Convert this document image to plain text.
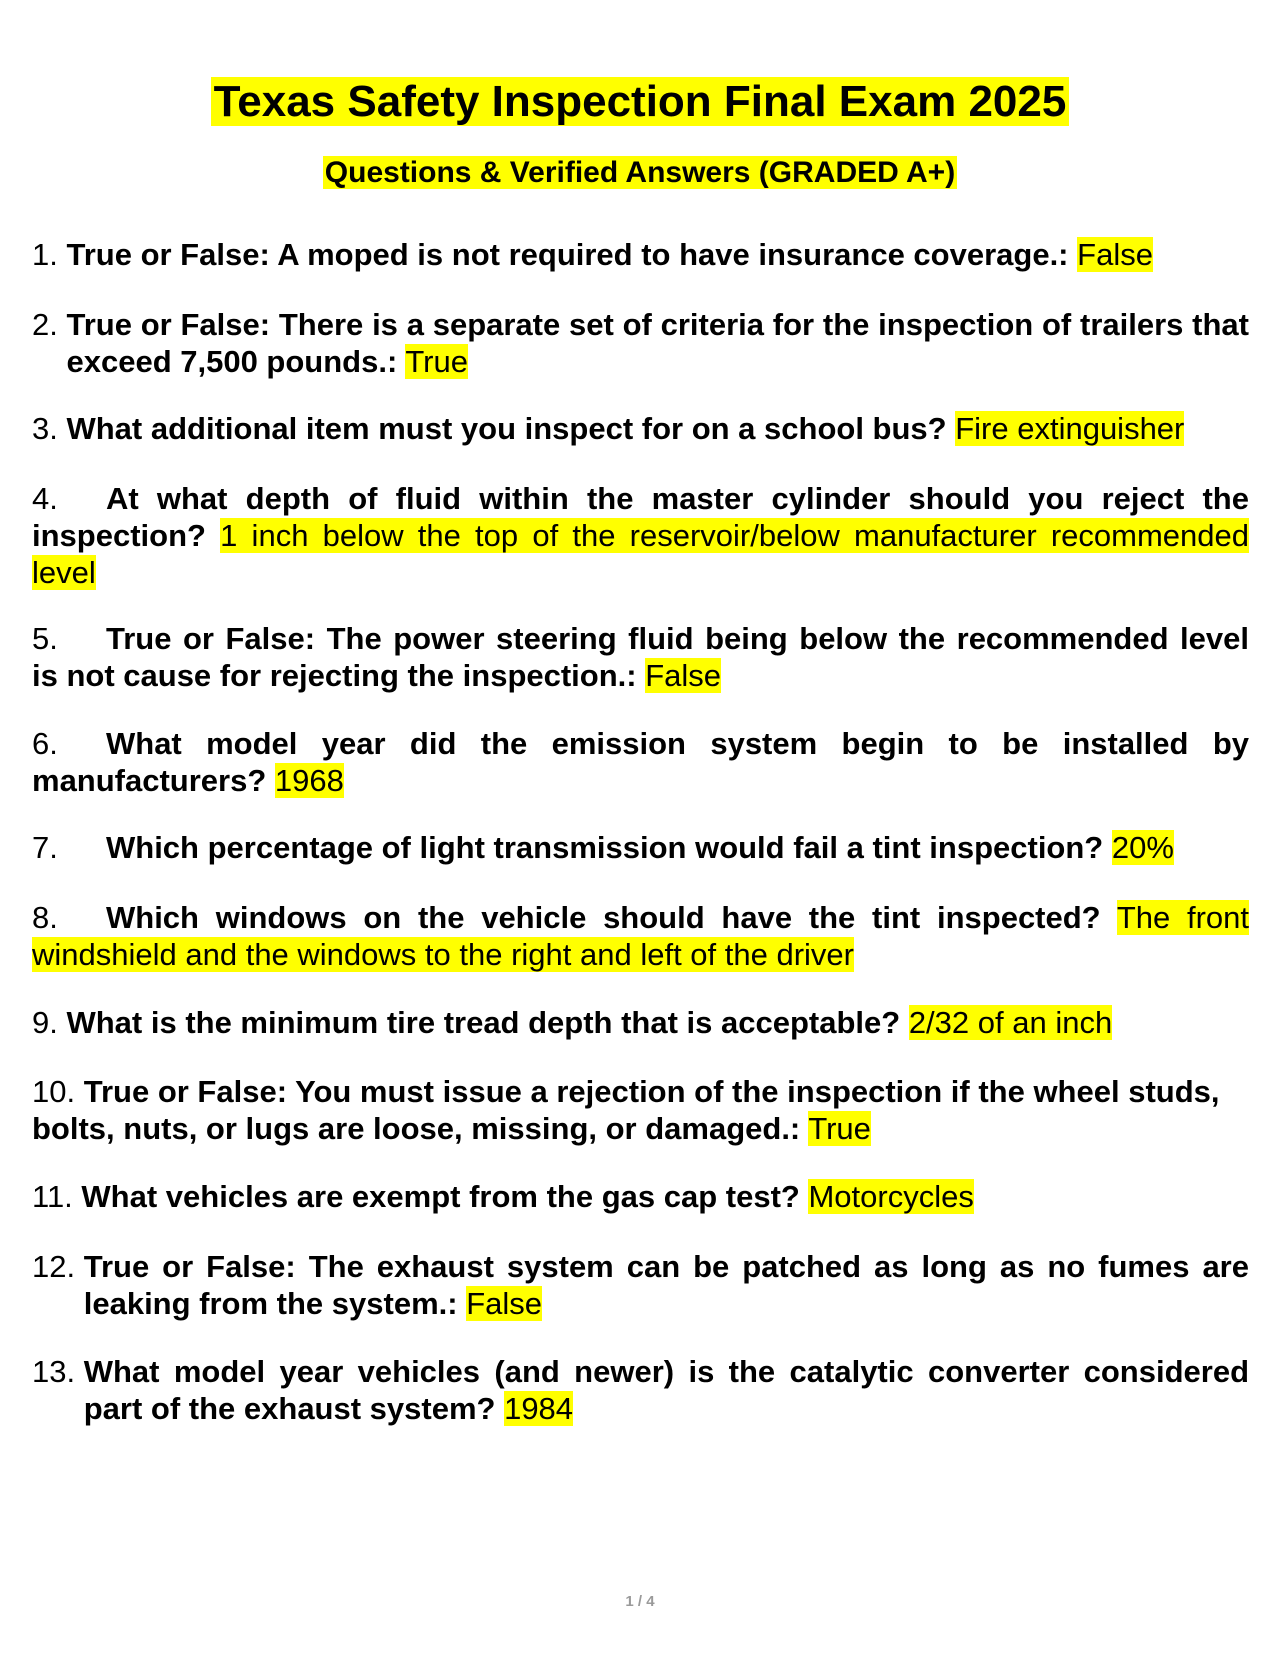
Texas Safety Inspection Final Exam 2025
Questions & Verified Answers (GRADED A+)
1. True or False: A moped is not required to have insurance coverage.: False
2. True or False: There is a separate set of criteria for the inspection of trailers that exceed 7,500 pounds.: True
3. What additional item must you inspect for on a school bus? Fire extinguisher
4. At what depth of fluid within the master cylinder should you reject the inspection? 1 inch below the top of the reservoir/below manufacturer recommended level
5. True or False: The power steering fluid being below the recommended level is not cause for rejecting the inspection.: False
6. What model year did the emission system begin to be installed by manufacturers? 1968
7. Which percentage of light transmission would fail a tint inspection? 20%
8. Which windows on the vehicle should have the tint inspected? The front windshield and the windows to the right and left of the driver
9. What is the minimum tire tread depth that is acceptable? 2/32 of an inch
10. True or False: You must issue a rejection of the inspection if the wheel studs, bolts, nuts, or lugs are loose, missing, or damaged.: True
11. What vehicles are exempt from the gas cap test? Motorcycles
12. True or False: The exhaust system can be patched as long as no fumes are leaking from the system.: False
13. What model year vehicles (and newer) is the catalytic converter considered part of the exhaust system? 1984
1 / 4
